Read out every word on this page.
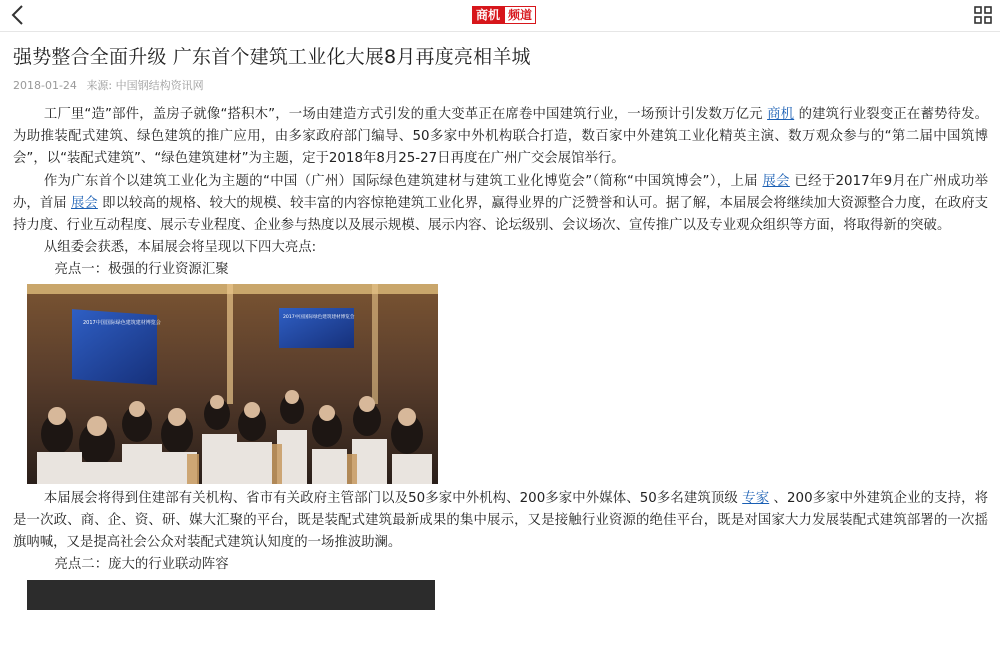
商机 频道
强势整合全面升级 广东首个建筑工业化大展8月再度亮相羊城
2018-01-24 来源: 中国钢结构资讯网

工厂里“造”部件，盖房子就像“搭积木”，一场由建造方式引发的重大变革正在席卷中国建筑行业，一场预计引发数万亿元 商机 的建筑行业裂变正在蓄势待发。为助推装配式建筑、绿色建筑的推广应用，由多家政府部门编导、50多家中外机构联合打造，数百家中外建筑工业化精英主演、数万观众参与的“第二届中国筑博会”，以“装配式建筑”、“绿色建筑建材”为主题，定于2018年8月25-27日再度在广州广交会展馆举行。

作为广东首个以建筑工业化为主题的“中国（广州）国际绿色建筑建材与建筑工业化博览会”（简称“中国筑博会”），上届 展会 已经于2017年9月在广州成功举办，首届 展会 即以较高的规格、较大的规模、较丰富的内容惊艳建筑工业化界，赢得业界的广泛赞誉和认可。据了解，本届展会将继续加大资源整合力度，在政府支持力度、行业互动程度、展示专业程度、企业参与热度以及展示规模、展示内容、论坛级别、会议场次、宣传推广以及专业观众组织等方面，将取得新的突破。

从组委会获悉，本届展会将呈现以下四大亮点:

亮点一：极强的行业资源汇聚

2017中国国际绿色建筑建材博览会
2017中国国际绿色建筑建材博览会

本届展会将得到住建部有关机构、省市有关政府主管部门以及50多家中外机构、200多家中外媒体、50多名建筑顶级 专家 、200多家中外建筑企业的支持，将是一次政、商、企、资、研、媒大汇聚的平台，既是装配式建筑最新成果的集中展示，又是接触行业资源的绝佳平台，既是对国家大力发展装配式建筑部署的一次摇旗呐喊，又是提高社会公众对装配式建筑认知度的一场推波助澜。

亮点二：庞大的行业联动阵容
